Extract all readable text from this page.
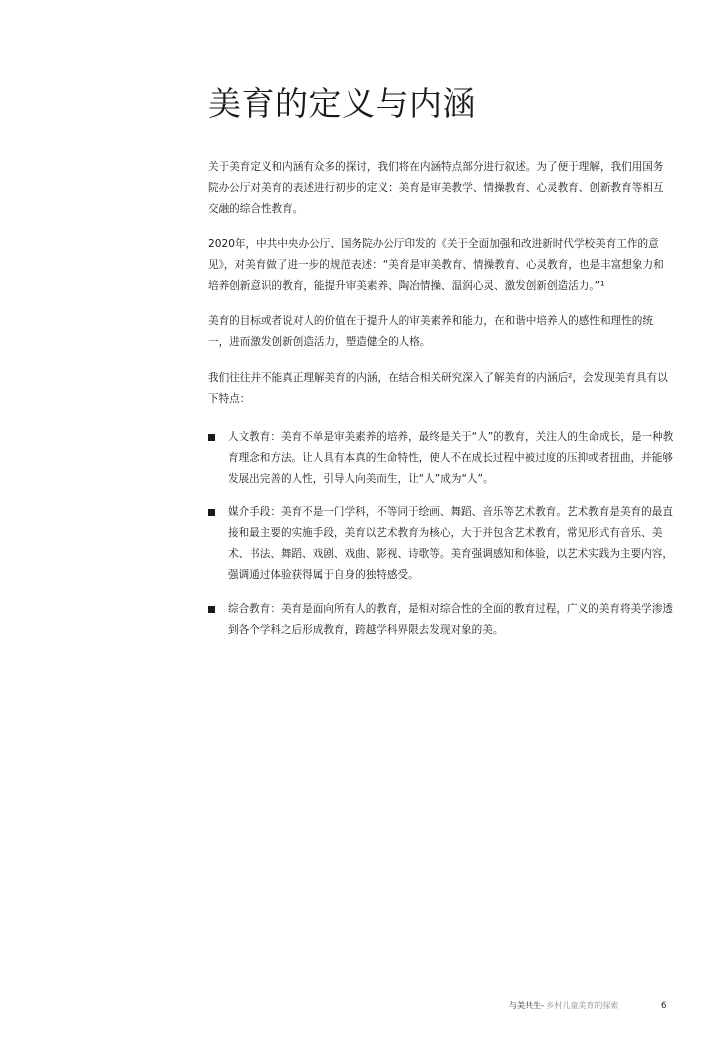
美育的定义与内涵

关于美育定义和内涵有众多的探讨，我们将在内涵特点部分进行叙述。为了便于理解，我们用国务院办公厅对美育的表述进行初步的定义：美育是审美教学、情操教育、心灵教育、创新教育等相互交融的综合性教育。

2020年，中共中央办公厅、国务院办公厅印发的《关于全面加强和改进新时代学校美育工作的意见》，对美育做了进一步的规范表述：“美育是审美教育、情操教育、心灵教育，也是丰富想象力和培养创新意识的教育，能提升审美素养、陶冶情操、温润心灵、激发创新创造活力。”¹

美育的目标或者说对人的价值在于提升人的审美素养和能力，在和谐中培养人的感性和理性的统一，进而激发创新创造活力，塑造健全的人格。

我们往往并不能真正理解美育的内涵，在结合相关研究深入了解美育的内涵后²，会发现美育具有以下特点：

人文教育：美育不单是审美素养的培养，最终是关于“人”的教育，关注人的生命成长，是一种教育理念和方法。让人具有本真的生命特性，使人不在成长过程中被过度的压抑或者扭曲，并能够发展出完善的人性，引导人向美而生，让“人”成为“人”。
媒介手段：美育不是一门学科，不等同于绘画、舞蹈、音乐等艺术教育。艺术教育是美育的最直接和最主要的实施手段，美育以艺术教育为核心，大于并包含艺术教育，常见形式有音乐、美术、书法、舞蹈、戏剧、戏曲、影视、诗歌等。美育强调感知和体验，以艺术实践为主要内容，强调通过体验获得属于自身的独特感受。
综合教育：美育是面向所有人的教育，是相对综合性的全面的教育过程，广义的美育将美学渗透到各个学科之后形成教育，跨越学科界限去发现对象的美。
与美共生- 乡村儿童美育的探索	6
